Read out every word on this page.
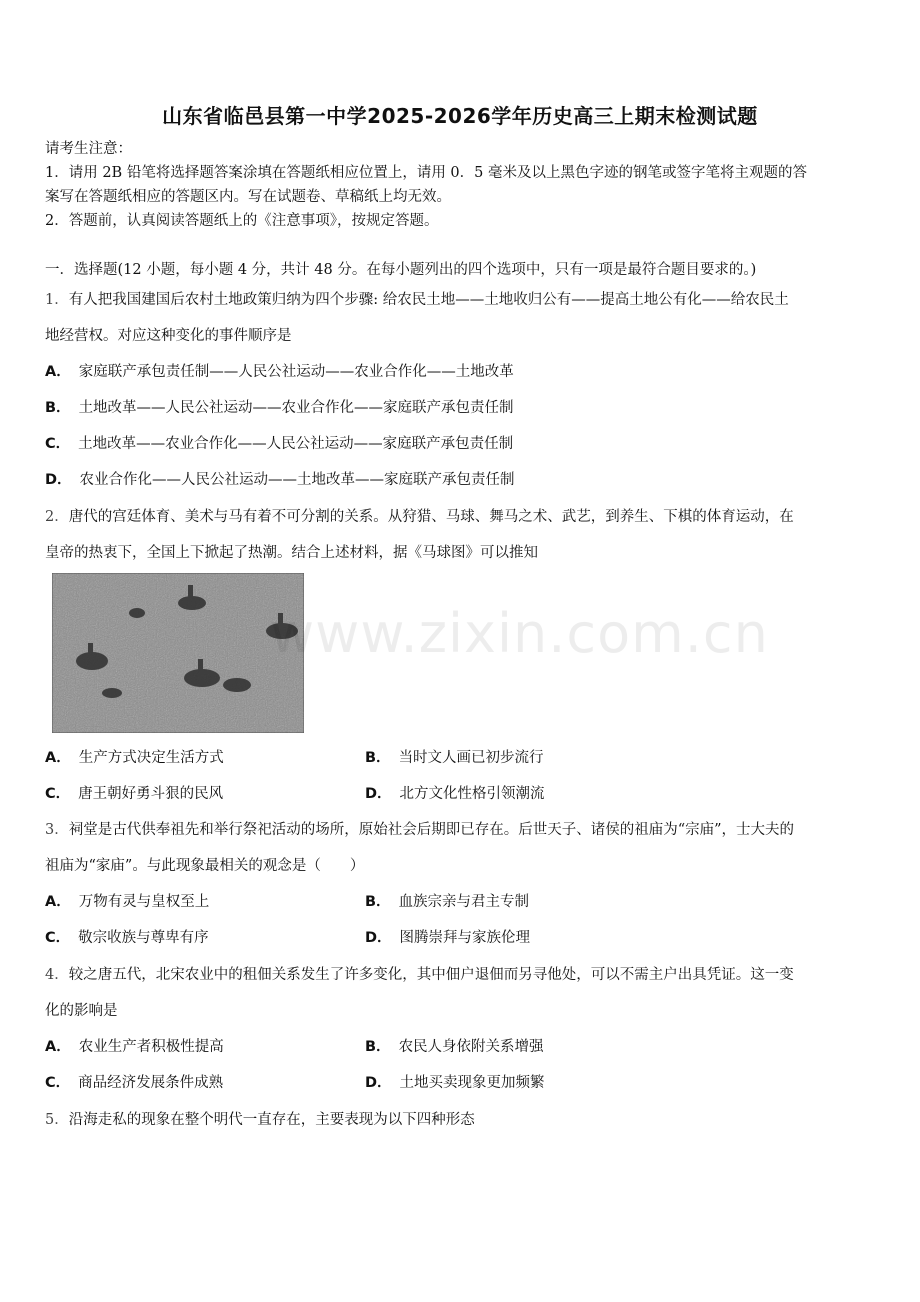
山东省临邑县第一中学2025-2026学年历史高三上期末检测试题
请考生注意：
1．请用 2B 铅笔将选择题答案涂填在答题纸相应位置上，请用 0．5 毫米及以上黑色字迹的钢笔或签字笔将主观题的答
案写在答题纸相应的答题区内。写在试题卷、草稿纸上均无效。
2．答题前，认真阅读答题纸上的《注意事项》，按规定答题。
一．选择题(12 小题，每小题 4 分，共计 48 分。在每小题列出的四个选项中，只有一项是最符合题目要求的。)
1．有人把我国建国后农村土地政策归纳为四个步骤: 给农民土地——土地收归公有——提高土地公有化——给农民土
地经营权。对应这种变化的事件顺序是
A． 家庭联产承包责任制——人民公社运动——农业合作化——土地改革
B． 土地改革——人民公社运动——农业合作化——家庭联产承包责任制
C． 土地改革——农业合作化——人民公社运动——家庭联产承包责任制
D． 农业合作化——人民公社运动——土地改革——家庭联产承包责任制
2．唐代的宫廷体育、美术与马有着不可分割的关系。从狩猎、马球、舞马之术、武艺，到养生、下棋的体育运动，在
皇帝的热衷下，全国上下掀起了热潮。结合上述材料，据《马球图》可以推知
www.zixin.com.cn
A． 生产方式决定生活方式	B． 当时文人画已初步流行
C． 唐王朝好勇斗狠的民风	D． 北方文化性格引领潮流
3．祠堂是古代供奉祖先和举行祭祀活动的场所，原始社会后期即已存在。后世天子、诸侯的祖庙为“宗庙”，士大夫的
祖庙为“家庙”。与此现象最相关的观念是（　　）
A． 万物有灵与皇权至上	B． 血族宗亲与君主专制
C． 敬宗收族与尊卑有序	D． 图腾崇拜与家族伦理
4．较之唐五代，北宋农业中的租佃关系发生了许多变化，其中佃户退佃而另寻他处，可以不需主户出具凭证。这一变
化的影响是
A． 农业生产者积极性提高	B． 农民人身依附关系增强
C． 商品经济发展条件成熟	D． 土地买卖现象更加频繁
5．沿海走私的现象在整个明代一直存在，主要表现为以下四种形态
